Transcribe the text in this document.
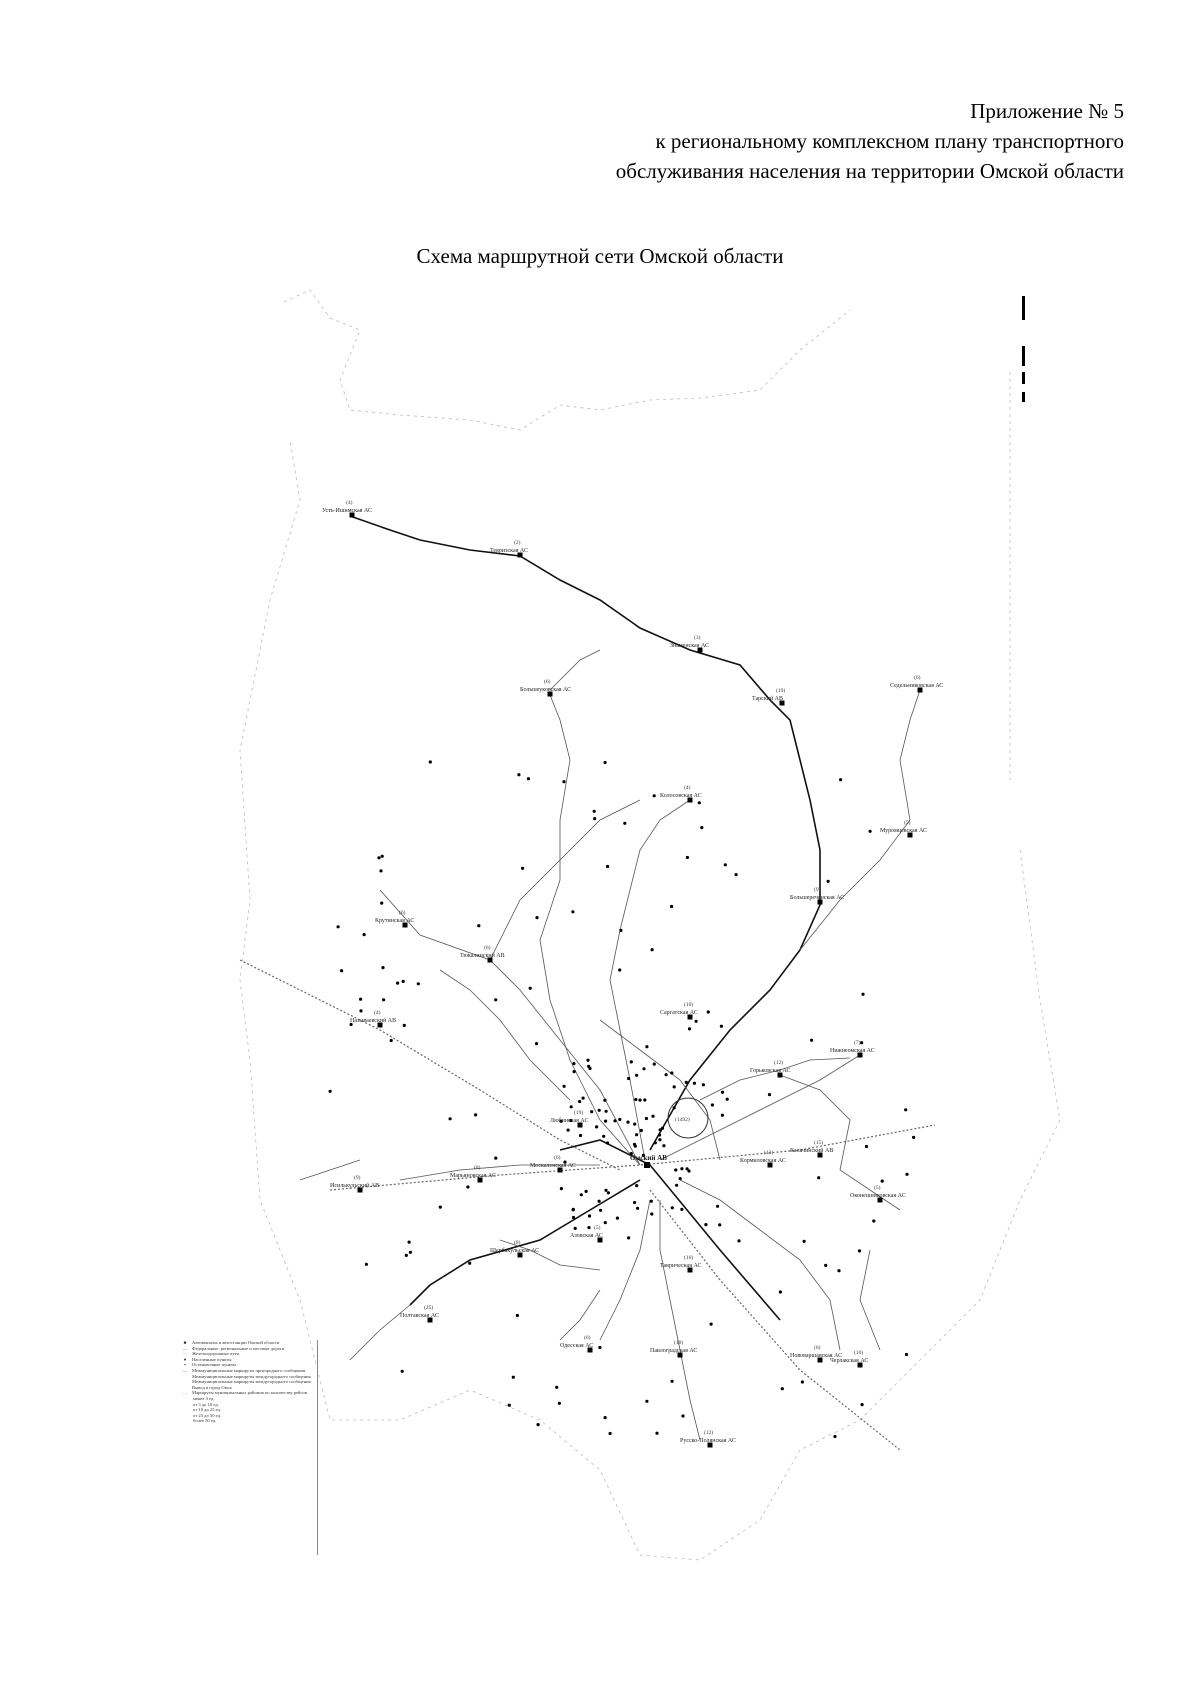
Приложение № 5
к региональному комплексном плану транспортного
обслуживания населения на территории Омской области
Схема маршрутной сети Омской области
(1492)
(4)
Усть-Ишимская АС
(2)
Тевризская АС
(3)
Знаменская АС
(19)
Тарский АВ
(6)
Седельниковская АС
(6)
Большеуковская АС
(4)
Колосовская АС
(5)
Муромцевская АС
(9)
Большереченская АС
(6)
Крутинская АС
(6)
Тюкалинский АВ
(4)
Называевский АВ
(10)
Саргатская АС
(7)
Нижнеомская АС
(12)
Горьковская АС
(19)
Любинская АС
(15)
Калачинский АВ
(13)
Кормиловская АС
(9)
Исилькульский АВ
(8)
Марьяновская АС
(6)
Москаленская АС
(5)
Оконешниковская АС
(5)
Азовская АС
(8)
Щербакульская АС
(16)
Таврическая АС
(25)
Полтавская АС
(6)
Одесская АС	(10)
Павлоградская АС	(6)
Нововаршавская АС (10)
Черлакская АС
(12)
Русско-Полянская АС
Омский АВ
■	Автовокзалы и автостанции Омской области
—	Федеральные, региональные и местные дороги
···	Железнодорожные пути
●	Населенные пункты
▪	Остановочные пункты
—	Межмуниципальные маршруты пригородного сообщения
Межмуниципальные маршруты междугородного сообщения
Межмуниципальные маршруты междугородного сообщения
Вывод в город Омск
…	Маршруты муниципальных районов по количеству рейсов
менее 3 ед.
от 3 до 10 ед.
от 10 до 25 ед.
от 25 до 50 ед.
более 50 ед.
